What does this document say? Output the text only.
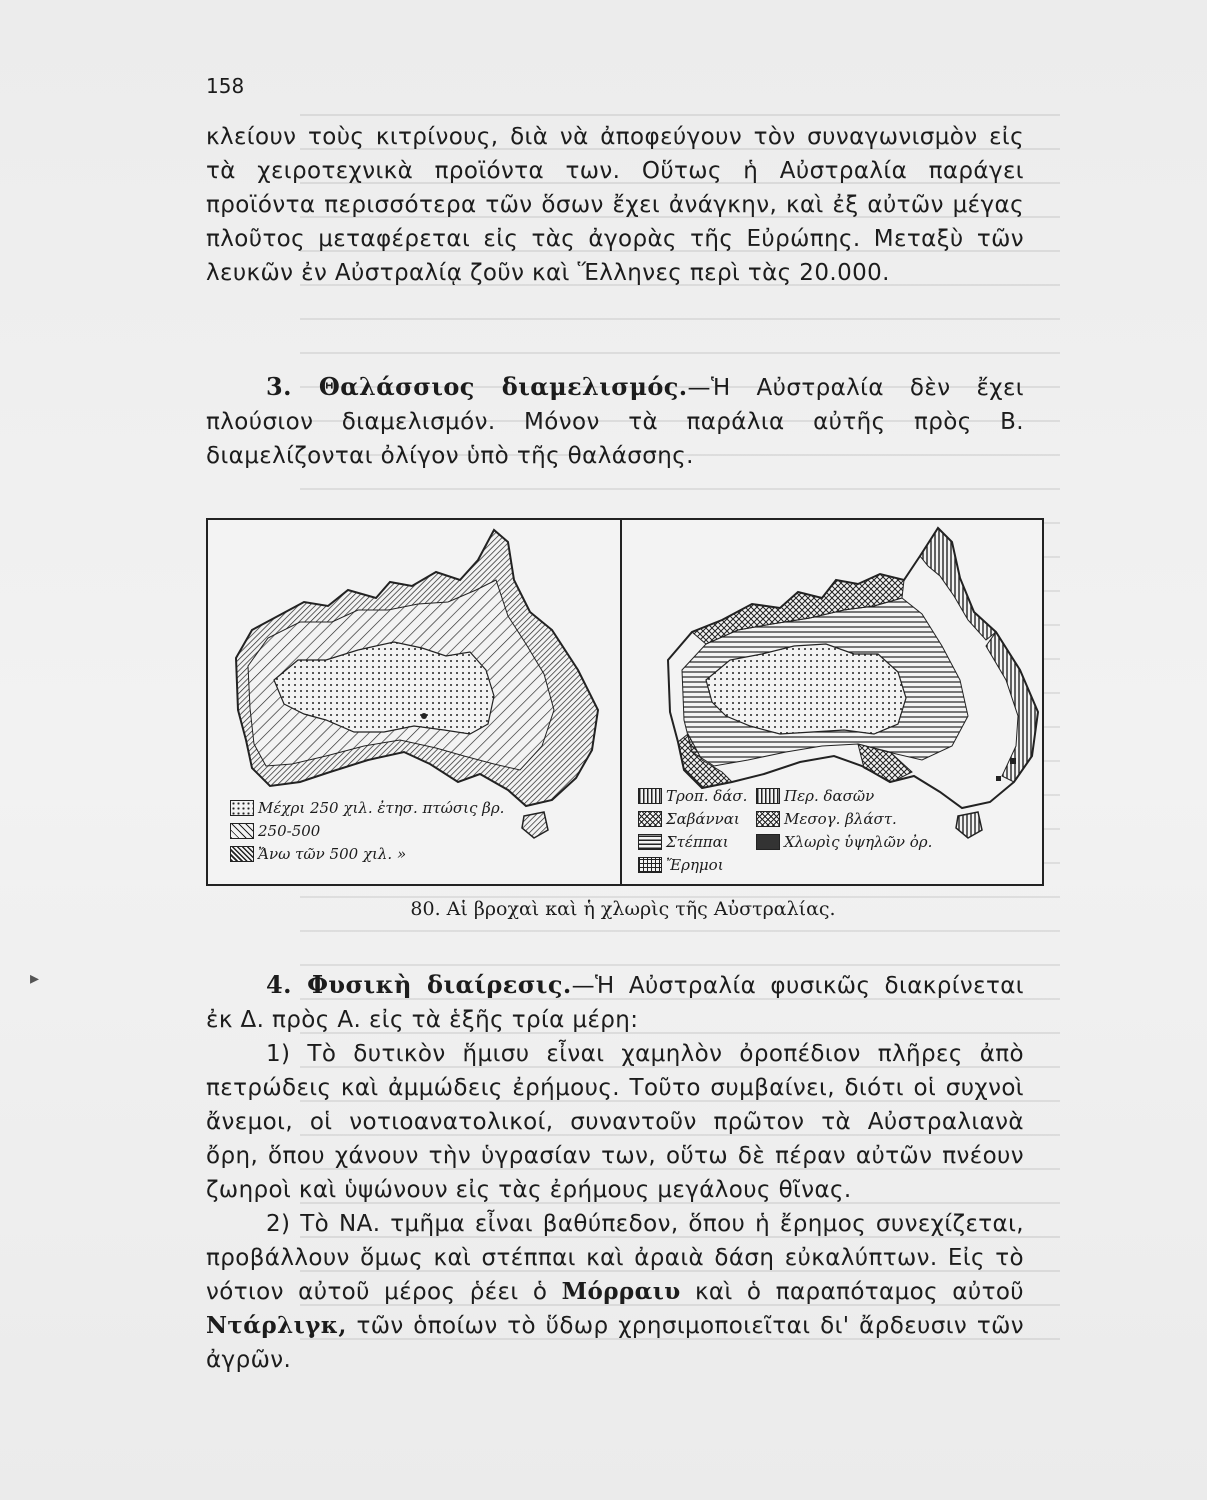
▸
158

κλείουν τοὺς κιτρίνους, διὰ νὰ ἀποφεύγουν τὸν συναγωνισμὸν εἰς τὰ χειροτεχνικὰ προϊόντα των. Οὕτως ἡ Αὐστραλία παράγει προϊόντα περισσότερα τῶν ὅσων ἔχει ἀνάγκην, καὶ ἐξ αὐτῶν μέγας πλοῦτος μεταφέρεται εἰς τὰς ἀγορὰς τῆς Εὐρώπης. Μεταξὺ τῶν λευκῶν ἐν Αὐστραλίᾳ ζοῦν καὶ Ἕλληνες περὶ τὰς 20.000.

3. Θαλάσσιος διαμελισμός.—Ἡ Αὐστραλία δὲν ἔχει πλούσιον διαμελισμόν. Μόνον τὰ παράλια αὐτῆς πρὸς Β. διαμελίζονται ὀλίγον ὑπὸ τῆς θαλάσσης.

Μέχρι 250 χιλ. ἐτησ. πτώσις βρ.
250-500
Ἄνω τῶν 500 χιλ. »
Τροπ. δάσ.
Σαβάνναι
Στέππαι
Ἔρημοι
Περ. δασῶν
Μεσογ. βλάστ.
Χλωρὶς ὑψηλῶν ὀρ.
80. Αἱ βροχαὶ καὶ ἡ χλωρὶς τῆς Αὐστραλίας.

4. Φυσικὴ διαίρεσις.—Ἡ Αὐστραλία φυσικῶς διακρίνεται ἐκ Δ. πρὸς Α. εἰς τὰ ἑξῆς τρία μέρη:

1) Τὸ δυτικὸν ἥμισυ εἶναι χαμηλὸν ὀροπέδιον πλῆρες ἀπὸ πετρώδεις καὶ ἀμμώδεις ἐρήμους. Τοῦτο συμβαίνει, διότι οἱ συχνοὶ ἄνεμοι, οἱ νοτιοανατολικοί, συναντοῦν πρῶτον τὰ Αὐστραλιανὰ ὄρη, ὅπου χάνουν τὴν ὑγρασίαν των, οὕτω δὲ πέραν αὐτῶν πνέουν ζωηροὶ καὶ ὑψώνουν εἰς τὰς ἐρήμους μεγάλους θῖνας.

2) Τὸ ΝΑ. τμῆμα εἶναι βαθύπεδον, ὅπου ἡ ἔρημος συνεχίζεται, προβάλλουν ὅμως καὶ στέππαι καὶ ἀραιὰ δάση εὐκαλύπτων. Εἰς τὸ νότιον αὐτοῦ μέρος ῥέει ὁ Μόρραιυ καὶ ὁ παραπόταμος αὐτοῦ Ντάρλιγκ, τῶν ὁποίων τὸ ὕδωρ χρησιμοποιεῖται δι' ἄρδευσιν τῶν ἀγρῶν.
